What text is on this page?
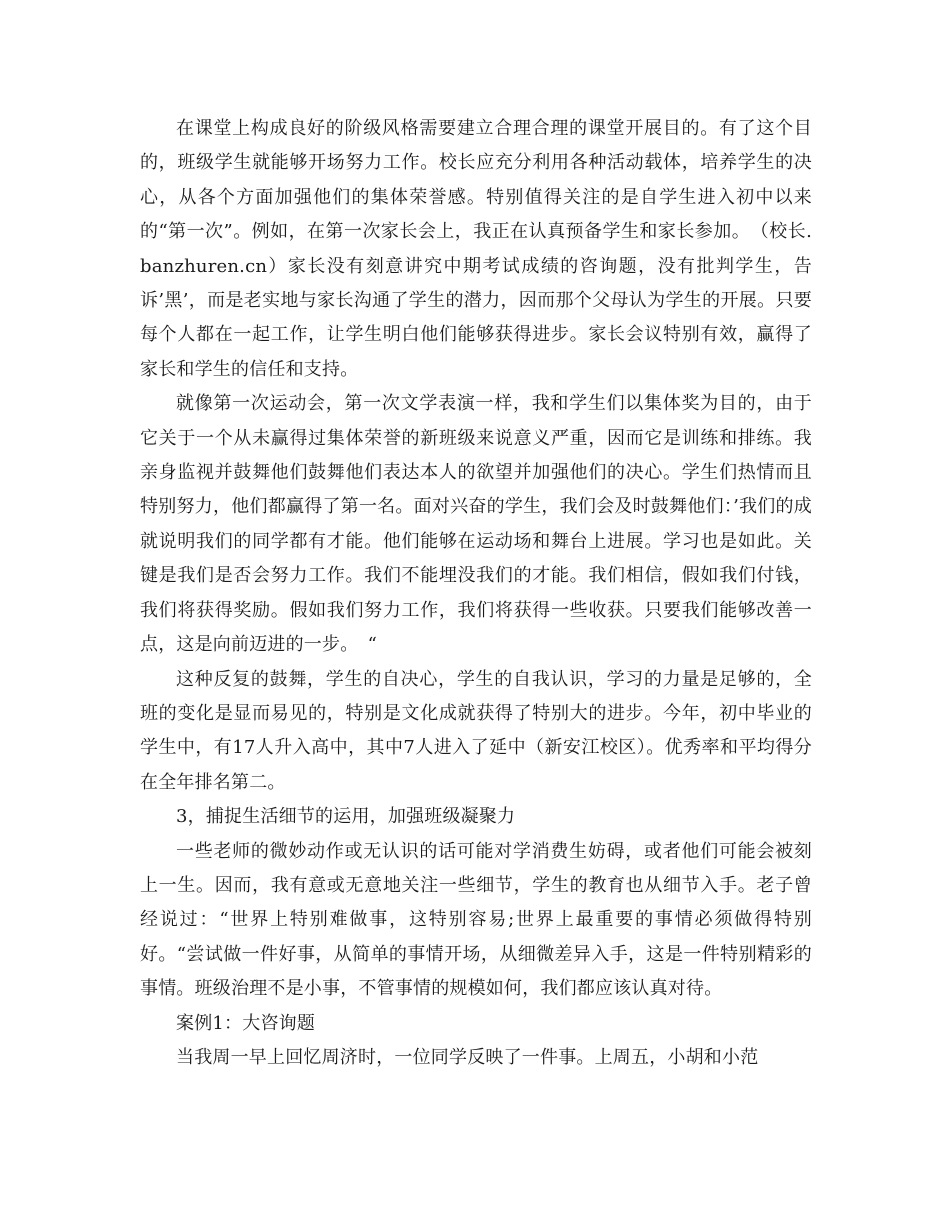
在课堂上构成良好的阶级风格需要建立合理合理的课堂开展目的。有了这个目的，班级学生就能够开场努力工作。校长应充分利用各种活动载体，培养学生的决心，从各个方面加强他们的集体荣誉感。特别值得关注的是自学生进入初中以来的“第一次”。例如，在第一次家长会上，我正在认真预备学生和家长参加。　（校长.banzhuren.cn）家长没有刻意讲究中期考试成绩的咨询题，没有批判学生，告诉’黑’，而是老实地与家长沟通了学生的潜力，因而那个父母认为学生的开展。只要每个人都在一起工作，让学生明白他们能够获得进步。家长会议特别有效，赢得了家长和学生的信任和支持。

就像第一次运动会，第一次文学表演一样，我和学生们以集体奖为目的，由于它关于一个从未赢得过集体荣誉的新班级来说意义严重，因而它是训练和排练。我亲身监视并鼓舞他们鼓舞他们表达本人的欲望并加强他们的决心。学生们热情而且特别努力，他们都赢得了第一名。面对兴奋的学生，我们会及时鼓舞他们：’我们的成就说明我们的同学都有才能。他们能够在运动场和舞台上进展。学习也是如此。关键是我们是否会努力工作。我们不能埋没我们的才能。我们相信，假如我们付钱，我们将获得奖励。假如我们努力工作，我们将获得一些收获。只要我们能够改善一点，这是向前迈进的一步。　“

这种反复的鼓舞，学生的自决心，学生的自我认识，学习的力量是足够的，全班的变化是显而易见的，特别是文化成就获得了特别大的进步。今年，初中毕业的学生中，有17人升入高中，其中7人进入了延中（新安江校区）。优秀率和平均得分在全年排名第二。

3，捕捉生活细节的运用，加强班级凝聚力

一些老师的微妙动作或无认识的话可能对学消费生妨碍，或者他们可能会被刻上一生。因而，我有意或无意地关注一些细节，学生的教育也从细节入手。老子曾经说过：“世界上特别难做事，这特别容易;世界上最重要的事情必须做得特别好。“尝试做一件好事，从简单的事情开场，从细微差异入手，这是一件特别精彩的事情。班级治理不是小事，不管事情的规模如何，我们都应该认真对待。

案例1：大咨询题

当我周一早上回忆周济时，一位同学反映了一件事。上周五，小胡和小范
